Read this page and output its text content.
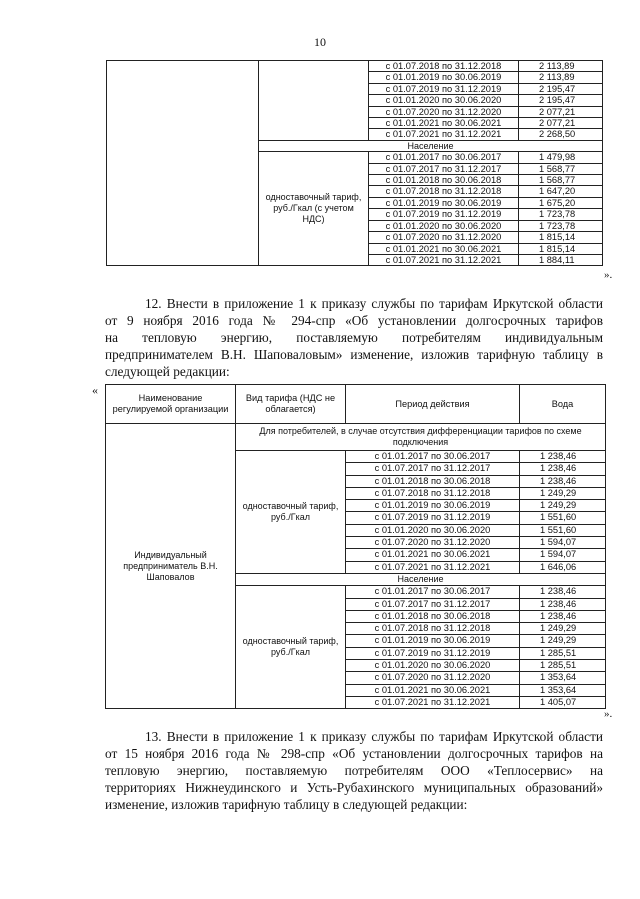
10
		с 01.07.2018 по 31.12.2018	2 113,89
		с 01.01.2019 по 30.06.2019	2 113,89
		с 01.07.2019 по 31.12.2019	2 195,47
		с 01.01.2020 по 30.06.2020	2 195,47
		с 01.07.2020 по 31.12.2020	2 077,21
		с 01.01.2021 по 30.06.2021	2 077,21
		с 01.07.2021 по 31.12.2021	2 268,50
	Население		
	одноставочный тариф, руб./Гкал (с учетом НДС)	с 01.01.2017 по 30.06.2017	1 479,98
		с 01.07.2017 по 31.12.2017	1 568,77
		с 01.01.2018 по 30.06.2018	1 568,77
		с 01.07.2018 по 31.12.2018	1 647,20
		с 01.01.2019 по 30.06.2019	1 675,20
		с 01.07.2019 по 31.12.2019	1 723,78
		с 01.01.2020 по 30.06.2020	1 723,78
		с 01.07.2020 по 31.12.2020	1 815,14
		с 01.01.2021 по 30.06.2021	1 815,14
		с 01.07.2021 по 31.12.2021	1 884,11
».
12. Внести в приложение 1 к приказу службы по тарифам Иркутской области
от 9 ноября 2016 года № 294-спр «Об установлении долгосрочных тарифов
на тепловую энергию, поставляемую потребителям индивидуальным
предпринимателем В.Н. Шаповаловым» изменение, изложив тарифную таблицу в
следующей редакции:
«
Наименование регулируемой организации	Вид тарифа (НДС не облагается)	Период действия	Вода
Индивидуальный предприниматель В.Н. Шаповалов	Для потребителей, в случае отсутствия дифференциации тарифов по схеме подключения		
	одноставочный тариф, руб./Гкал	с 01.01.2017 по 30.06.2017	1 238,46
		с 01.07.2017 по 31.12.2017	1 238,46
		с 01.01.2018 по 30.06.2018	1 238,46
		с 01.07.2018 по 31.12.2018	1 249,29
		с 01.01.2019 по 30.06.2019	1 249,29
		с 01.07.2019 по 31.12.2019	1 551,60
		с 01.01.2020 по 30.06.2020	1 551,60
		с 01.07.2020 по 31.12.2020	1 594,07
		с 01.01.2021 по 30.06.2021	1 594,07
		с 01.07.2021 по 31.12.2021	1 646,06
	Население		
	одноставочный тариф, руб./Гкал	с 01.01.2017 по 30.06.2017	1 238,46
		с 01.07.2017 по 31.12.2017	1 238,46
		с 01.01.2018 по 30.06.2018	1 238,46
		с 01.07.2018 по 31.12.2018	1 249,29
		с 01.01.2019 по 30.06.2019	1 249,29
		с 01.07.2019 по 31.12.2019	1 285,51
		с 01.01.2020 по 30.06.2020	1 285,51
		с 01.07.2020 по 31.12.2020	1 353,64
		с 01.01.2021 по 30.06.2021	1 353,64
		с 01.07.2021 по 31.12.2021	1 405,07
».
13. Внести в приложение 1 к приказу службы по тарифам Иркутской области
от 15 ноября 2016 года № 298-спр «Об установлении долгосрочных тарифов на
тепловую энергию, поставляемую потребителям ООО «Теплосервис» на
территориях Нижнеудинского и Усть-Рубахинского муниципальных образований»
изменение, изложив тарифную таблицу в следующей редакции:
